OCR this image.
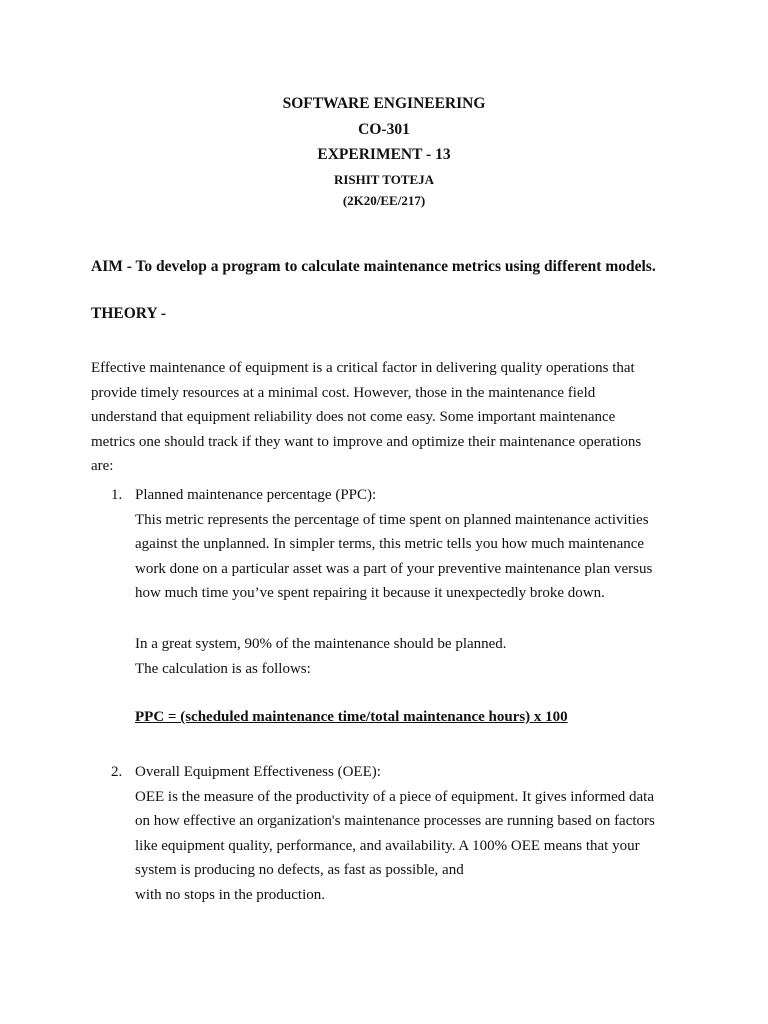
SOFTWARE ENGINEERING
CO-301
EXPERIMENT - 13
RISHIT TOTEJA
(2K20/EE/217)
AIM - To develop a program to calculate maintenance metrics using different models.
THEORY -
Effective maintenance of equipment is a critical factor in delivering quality operations that
provide timely resources at a minimal cost. However, those in the maintenance field
understand that equipment reliability does not come easy. Some important maintenance
metrics one should track if they want to improve and optimize their maintenance operations
are:
1. Planned maintenance percentage (PPC):
This metric represents the percentage of time spent on planned maintenance activities
against the unplanned. In simpler terms, this metric tells you how much maintenance
work done on a particular asset was a part of your preventive maintenance plan versus
how much time you’ve spent repairing it because it unexpectedly broke down.
In a great system, 90% of the maintenance should be planned.
The calculation is as follows:
PPC = (scheduled maintenance time/total maintenance hours) x 100
2. Overall Equipment Effectiveness (OEE):
OEE is the measure of the productivity of a piece of equipment. It gives informed data
on how effective an organization's maintenance processes are running based on factors
like equipment quality, performance, and availability. A 100% OEE means that your
system is producing no defects, as fast as possible, and
with no stops in the production.
